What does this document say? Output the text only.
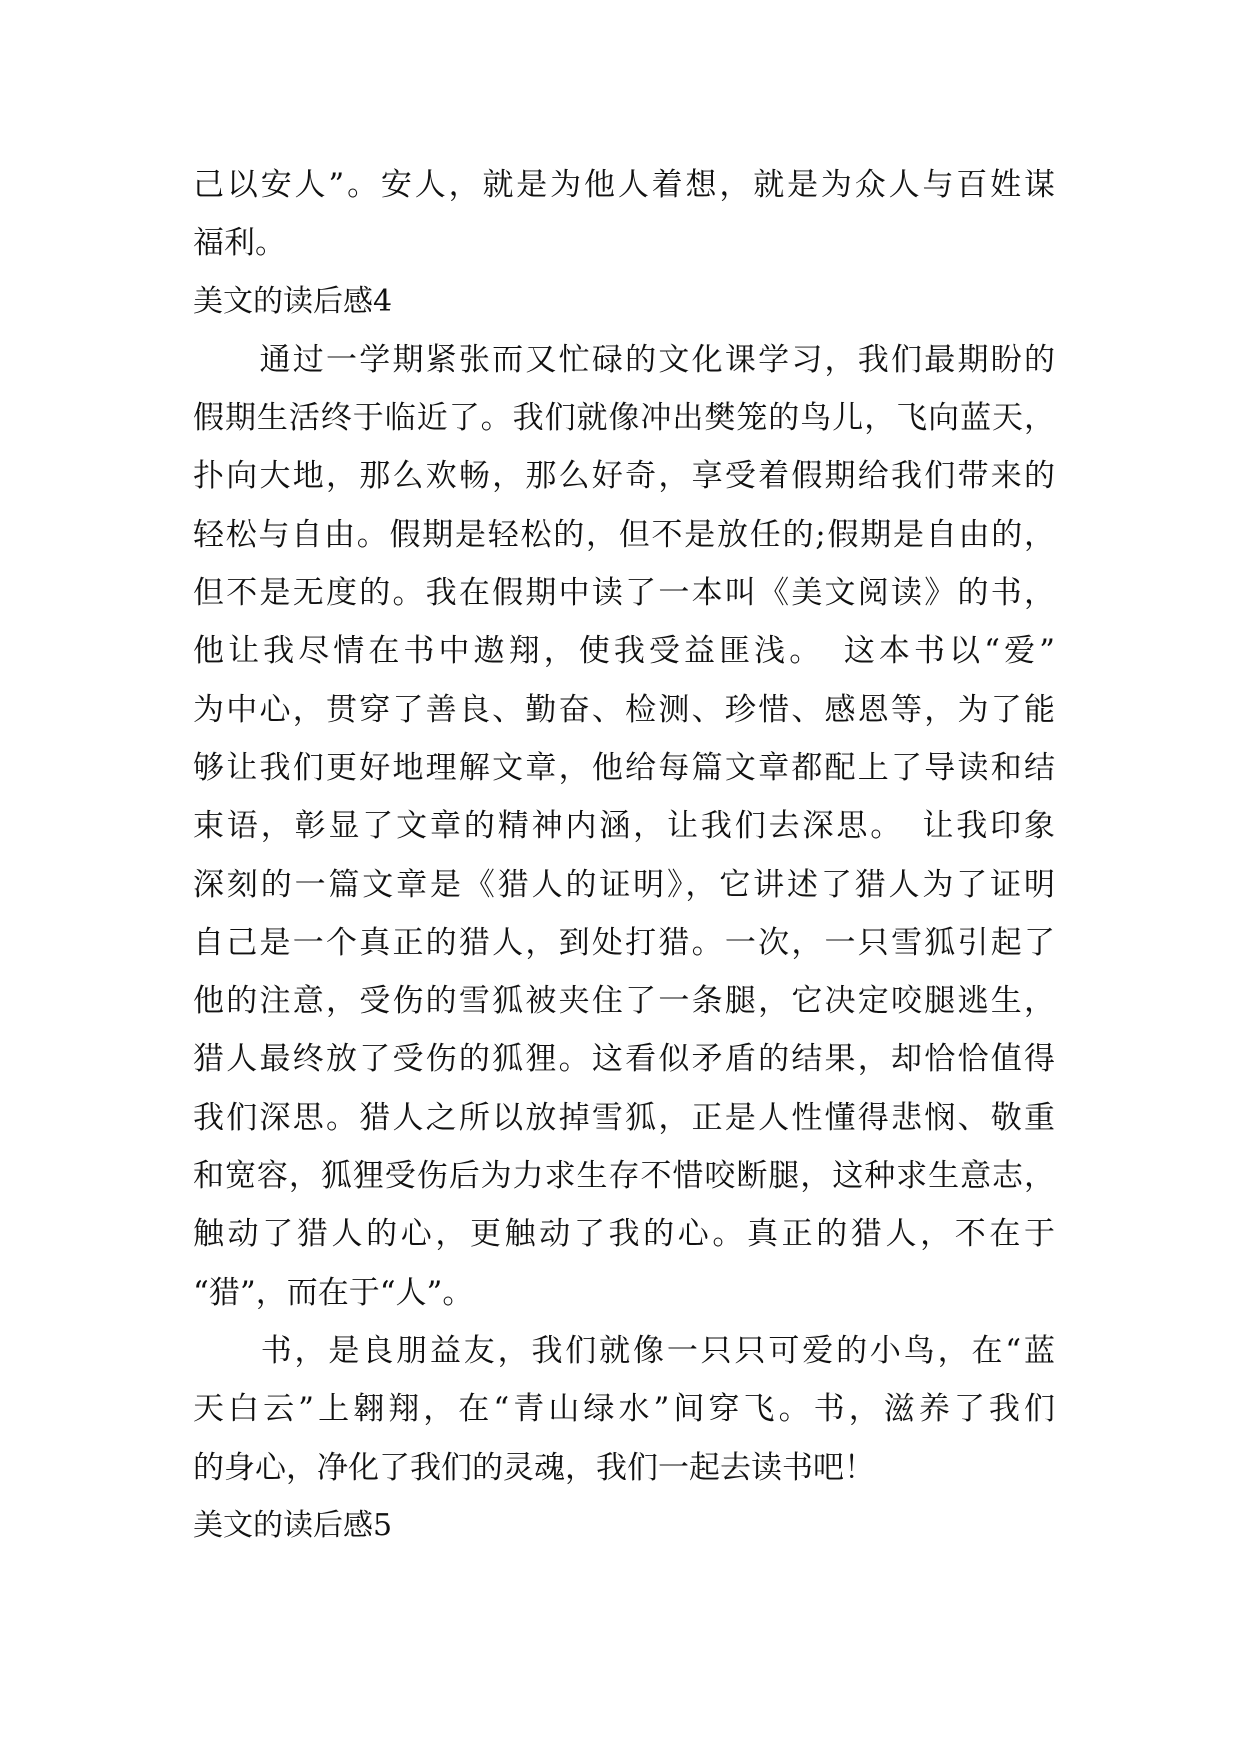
己以安人”。安人，就是为他人着想，就是为众人与百姓谋
福利。
美文的读后感4
　　通过一学期紧张而又忙碌的文化课学习，我们最期盼的
假期生活终于临近了。我们就像冲出樊笼的鸟儿，飞向蓝天，
扑向大地，那么欢畅，那么好奇，享受着假期给我们带来的
轻松与自由。假期是轻松的，但不是放任的;假期是自由的，
但不是无度的。我在假期中读了一本叫《美文阅读》的书，
他让我尽情在书中遨翔，使我受益匪浅。　这本书以“爱”
为中心，贯穿了善良、勤奋、检测、珍惜、感恩等，为了能
够让我们更好地理解文章，他给每篇文章都配上了导读和结
束语，彰显了文章的精神内涵，让我们去深思。　让我印象
深刻的一篇文章是《猎人的证明》，它讲述了猎人为了证明
自己是一个真正的猎人，到处打猎。一次，一只雪狐引起了
他的注意，受伤的雪狐被夹住了一条腿，它决定咬腿逃生，
猎人最终放了受伤的狐狸。这看似矛盾的结果，却恰恰值得
我们深思。猎人之所以放掉雪狐，正是人性懂得悲悯、敬重
和宽容，狐狸受伤后为力求生存不惜咬断腿，这种求生意志，
触动了猎人的心，更触动了我的心。真正的猎人，不在于
“猎”，而在于“人”。
　　书，是良朋益友，我们就像一只只可爱的小鸟，在“蓝
天白云”上翱翔，在“青山绿水”间穿飞。书，滋养了我们
的身心，净化了我们的灵魂，我们一起去读书吧！
美文的读后感5
